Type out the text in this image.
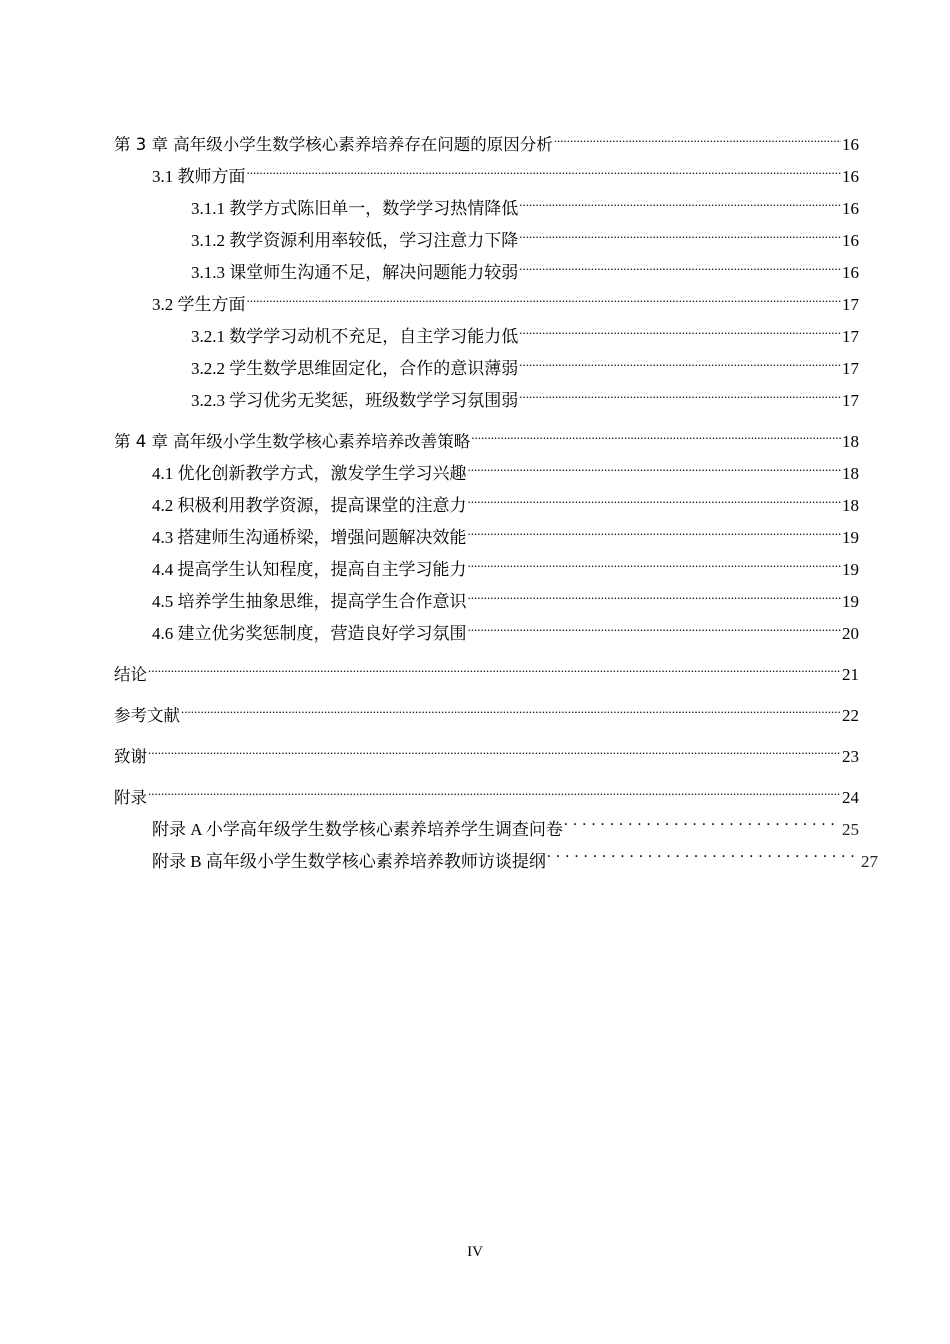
第 3 章 高年级小学生数学核心素养培养存在问题的原因分析 .....	16
3.1 教师方面 .....	16
3.1.1 教学方式陈旧单一，数学学习热情降低 .....	16
3.1.2 教学资源利用率较低，学习注意力下降 .....	16
3.1.3 课堂师生沟通不足，解决问题能力较弱 .....	16
3.2 学生方面 .....	17
3.2.1 数学学习动机不充足，自主学习能力低 .....	17
3.2.2 学生数学思维固定化，合作的意识薄弱 .....	17
3.2.3 学习优劣无奖惩，班级数学学习氛围弱 .....	17
第 4 章 高年级小学生数学核心素养培养改善策略 .....	18
4.1 优化创新教学方式，激发学生学习兴趣 .....	18
4.2 积极利用教学资源，提高课堂的注意力 .....	18
4.3 搭建师生沟通桥梁，增强问题解决效能 .....	19
4.4 提高学生认知程度，提高自主学习能力 .....	19
4.5 培养学生抽象思维，提高学生合作意识 .....	19
4.6 建立优劣奖惩制度，营造良好学习氛围 .....	20
结论 .....	21
参考文献 .....	22
致谢 .....	23
附录 .....	24
附录 A 小学高年级学生数学核心素养培养学生调查问卷 . . .	25
附录 B 高年级小学生数学核心素养培养教师访谈提纲 . . .	27
IV
